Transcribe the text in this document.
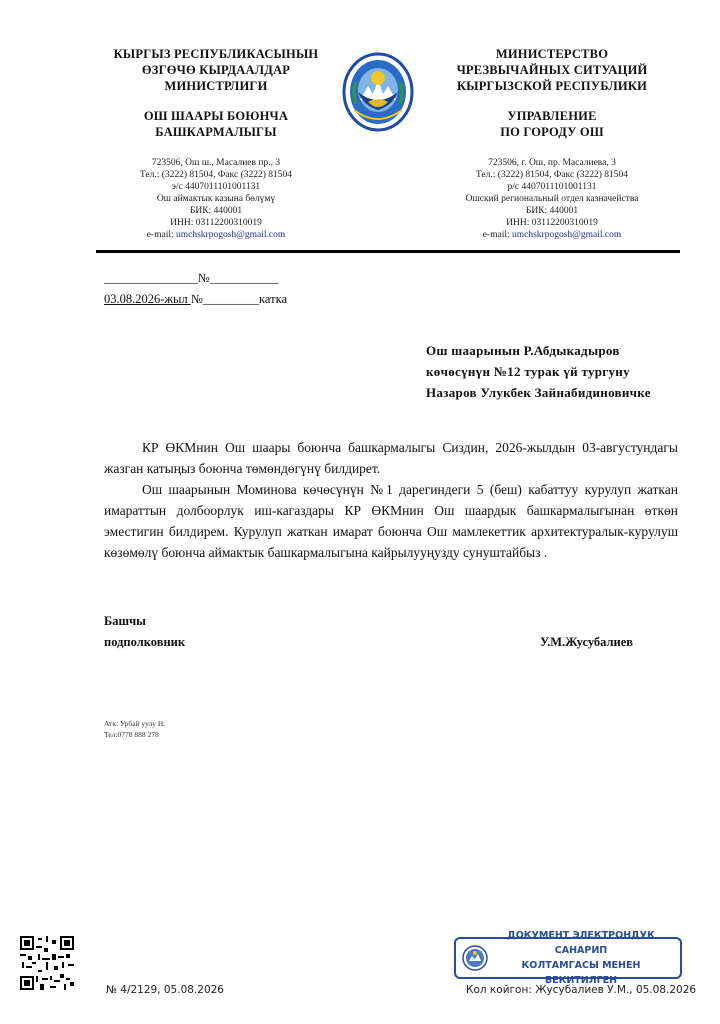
КЫРГЫЗ РЕСПУБЛИКАСЫНЫН
ӨЗГӨЧӨ КЫРДААЛДАР
МИНИСТРЛИГИ
ОШ ШААРЫ БОЮНЧА
БАШКАРМАЛЫГЫ
723506, Ош ш., Масалиев пр., 3
Тел.: (3222) 81504, Факс (3222) 81504
э/с 4407011101001131
Ош аймактык казына бөлүмү
БИК: 440001
ИНН: 03112200310019
e-mail: umchskrpogosh@gmail.com
МИНИСТЕРСТВО
ЧРЕЗВЫЧАЙНЫХ СИТУАЦИЙ
КЫРГЫЗСКОЙ РЕСПУБЛИКИ
УПРАВЛЕНИЕ
ПО ГОРОДУ ОШ
723506, г. Ош, пр. Масалиева, 3
Тел.: (3222) 81504, Факс (3222) 81504
р/с 4407011101001131
Ошский региональный отдел казначейства
БИК: 440001
ИНН: 03112200310019
e-mail: umchskrpogosh@gmail.com
_______________№___________
03.08.2026-жыл №_________катка
Ош шаарынын Р.Абдыкадыров
көчөсүнүн №12 турак үй тургуну
Назаров Улукбек Зайнабидиновичке

КР ӨКМнин Ош шаары боюнча башкармалыгы Сиздин, 2026-жылдын 03-августундагы жазган катыңыз боюнча төмөндөгүнү билдирет.

Ош шаарынын Моминова көчөсүнүн №1 дарегиндеги 5 (беш) кабаттуу курулуп жаткан имараттын долбоорлук иш-кагаздары КР ӨКМнин Ош шаардык башкармалыгынан өткөн эместигин билдирем. Курулуп жаткан имарат боюнча Ош мамлекеттик архитектуралык-курулуш көзөмөлү боюнча аймактык башкармалыгына кайрылууңузду сунуштайбыз .

Башчы
подполковник	У.М.Жусубалиев
Атк: Урбай уулу Н.
Тел:0778 888 278
ДОКУМЕНТ ЭЛЕКТРОНДУК САНАРИП
КОЛТАМГАСЫ МЕНЕН БЕКИТИЛГЕН
№ 4/2129, 05.08.2026	Кол койгон: Жусубалиев У.М., 05.08.2026
